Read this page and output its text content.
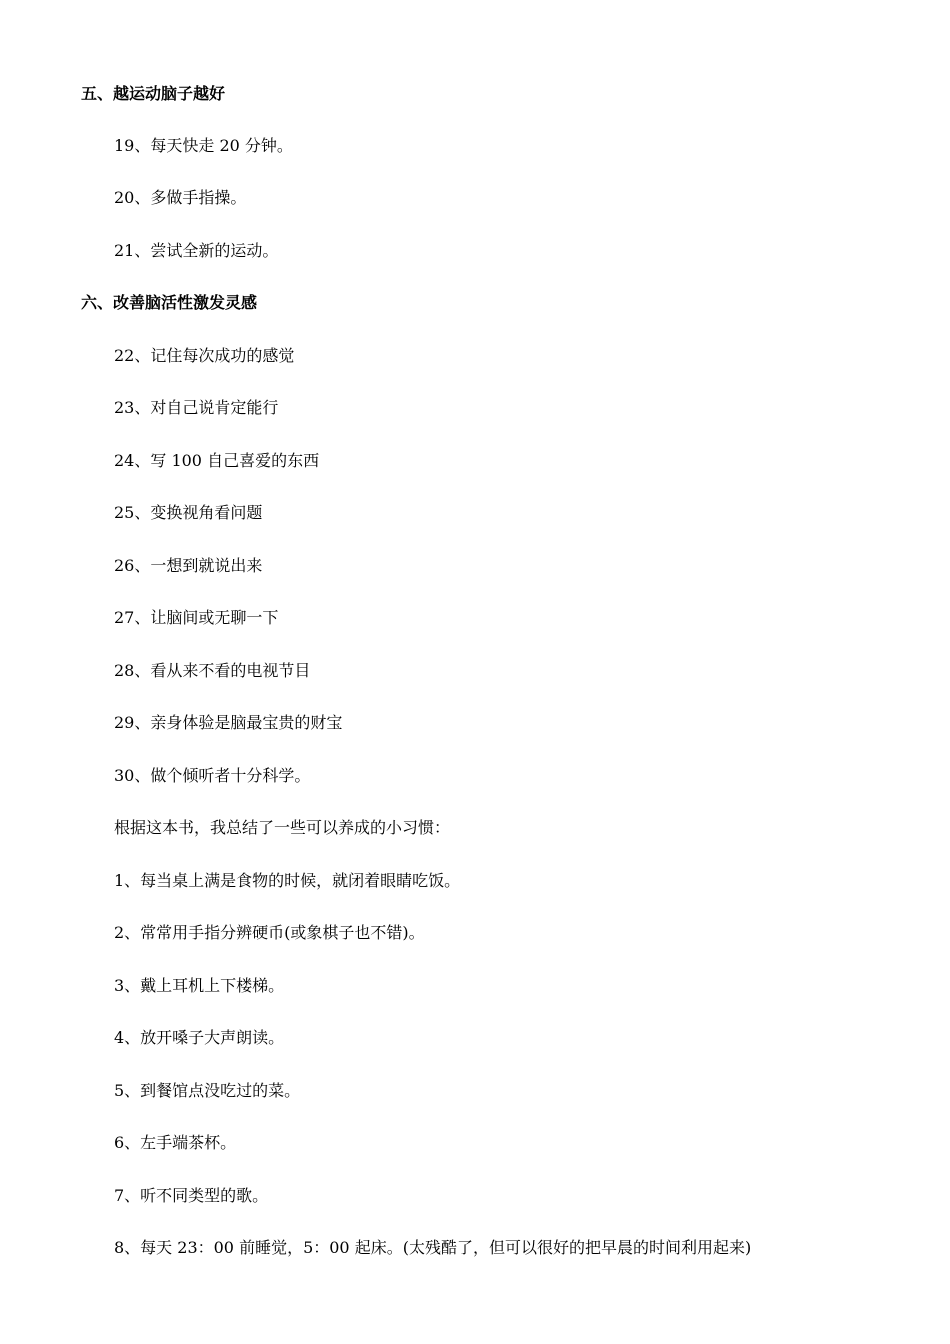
五、越运动脑子越好
19、每天快走 20 分钟。
20、多做手指操。
21、尝试全新的运动。
六、改善脑活性激发灵感
22、记住每次成功的感觉
23、对自己说肯定能行
24、写 100 自己喜爱的东西
25、变换视角看问题
26、一想到就说出来
27、让脑间或无聊一下
28、看从来不看的电视节目
29、亲身体验是脑最宝贵的财宝
30、做个倾听者十分科学。
根据这本书，我总结了一些可以养成的小习惯：
1、每当桌上满是食物的时候，就闭着眼睛吃饭。
2、常常用手指分辨硬币(或象棋子也不错)。
3、戴上耳机上下楼梯。
4、放开嗓子大声朗读。
5、到餐馆点没吃过的菜。
6、左手端茶杯。
7、听不同类型的歌。
8、每天 23：00 前睡觉，5：00 起床。(太残酷了，但可以很好的把早晨的时间利用起来)
